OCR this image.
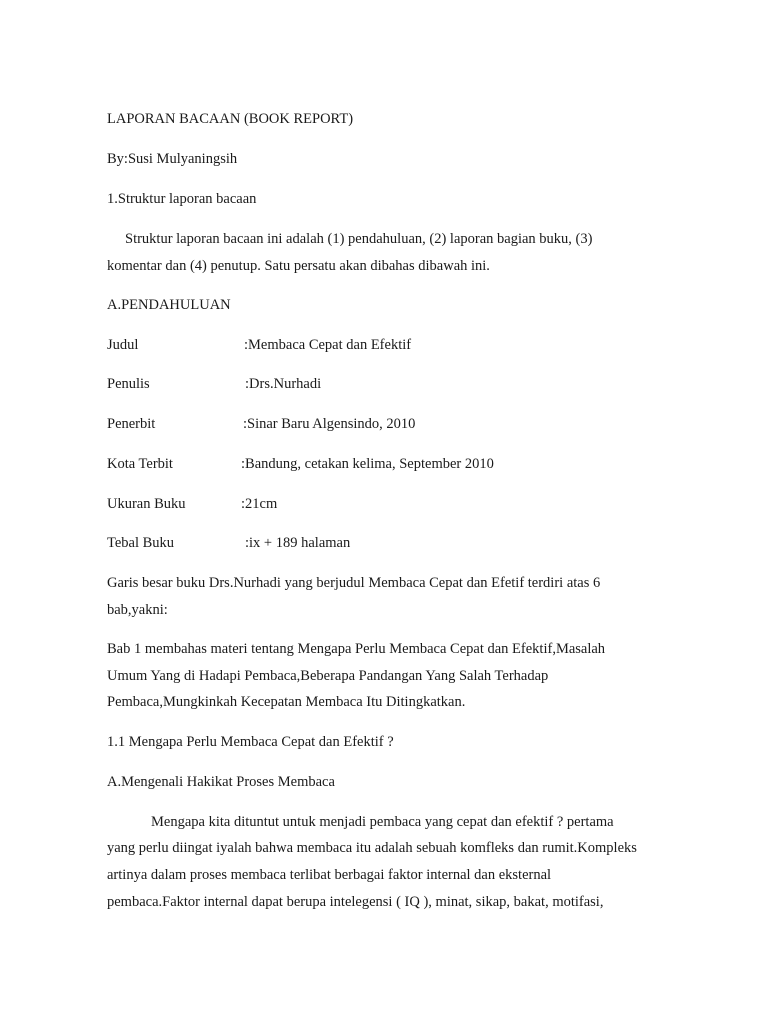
LAPORAN BACAAN (BOOK REPORT)
By:Susi Mulyaningsih
1.Struktur laporan bacaan
Struktur laporan bacaan ini adalah (1) pendahuluan, (2) laporan bagian buku, (3)
komentar dan (4) penutup. Satu persatu akan dibahas dibawah ini.
A.PENDAHULUAN
Judul	:Membaca Cepat dan Efektif
Penulis	:Drs.Nurhadi
Penerbit	:Sinar Baru Algensindo, 2010
Kota Terbit	:Bandung, cetakan kelima, September 2010
Ukuran Buku	:21cm
Tebal Buku	:ix + 189 halaman
Garis besar buku Drs.Nurhadi yang berjudul Membaca Cepat dan Efetif terdiri atas 6
bab,yakni:
Bab 1 membahas materi tentang Mengapa Perlu Membaca Cepat dan Efektif,Masalah
Umum Yang di Hadapi Pembaca,Beberapa Pandangan Yang Salah Terhadap
Pembaca,Mungkinkah Kecepatan Membaca Itu Ditingkatkan.
1.1 Mengapa Perlu Membaca Cepat dan Efektif ?
A.Mengenali Hakikat Proses Membaca
Mengapa kita dituntut untuk menjadi pembaca yang cepat dan efektif ? pertama
yang perlu diingat iyalah bahwa membaca itu adalah sebuah komfleks dan rumit.Kompleks
artinya dalam proses membaca terlibat berbagai faktor internal dan eksternal
pembaca.Faktor internal dapat berupa intelegensi ( IQ ), minat, sikap, bakat, motifasi,
